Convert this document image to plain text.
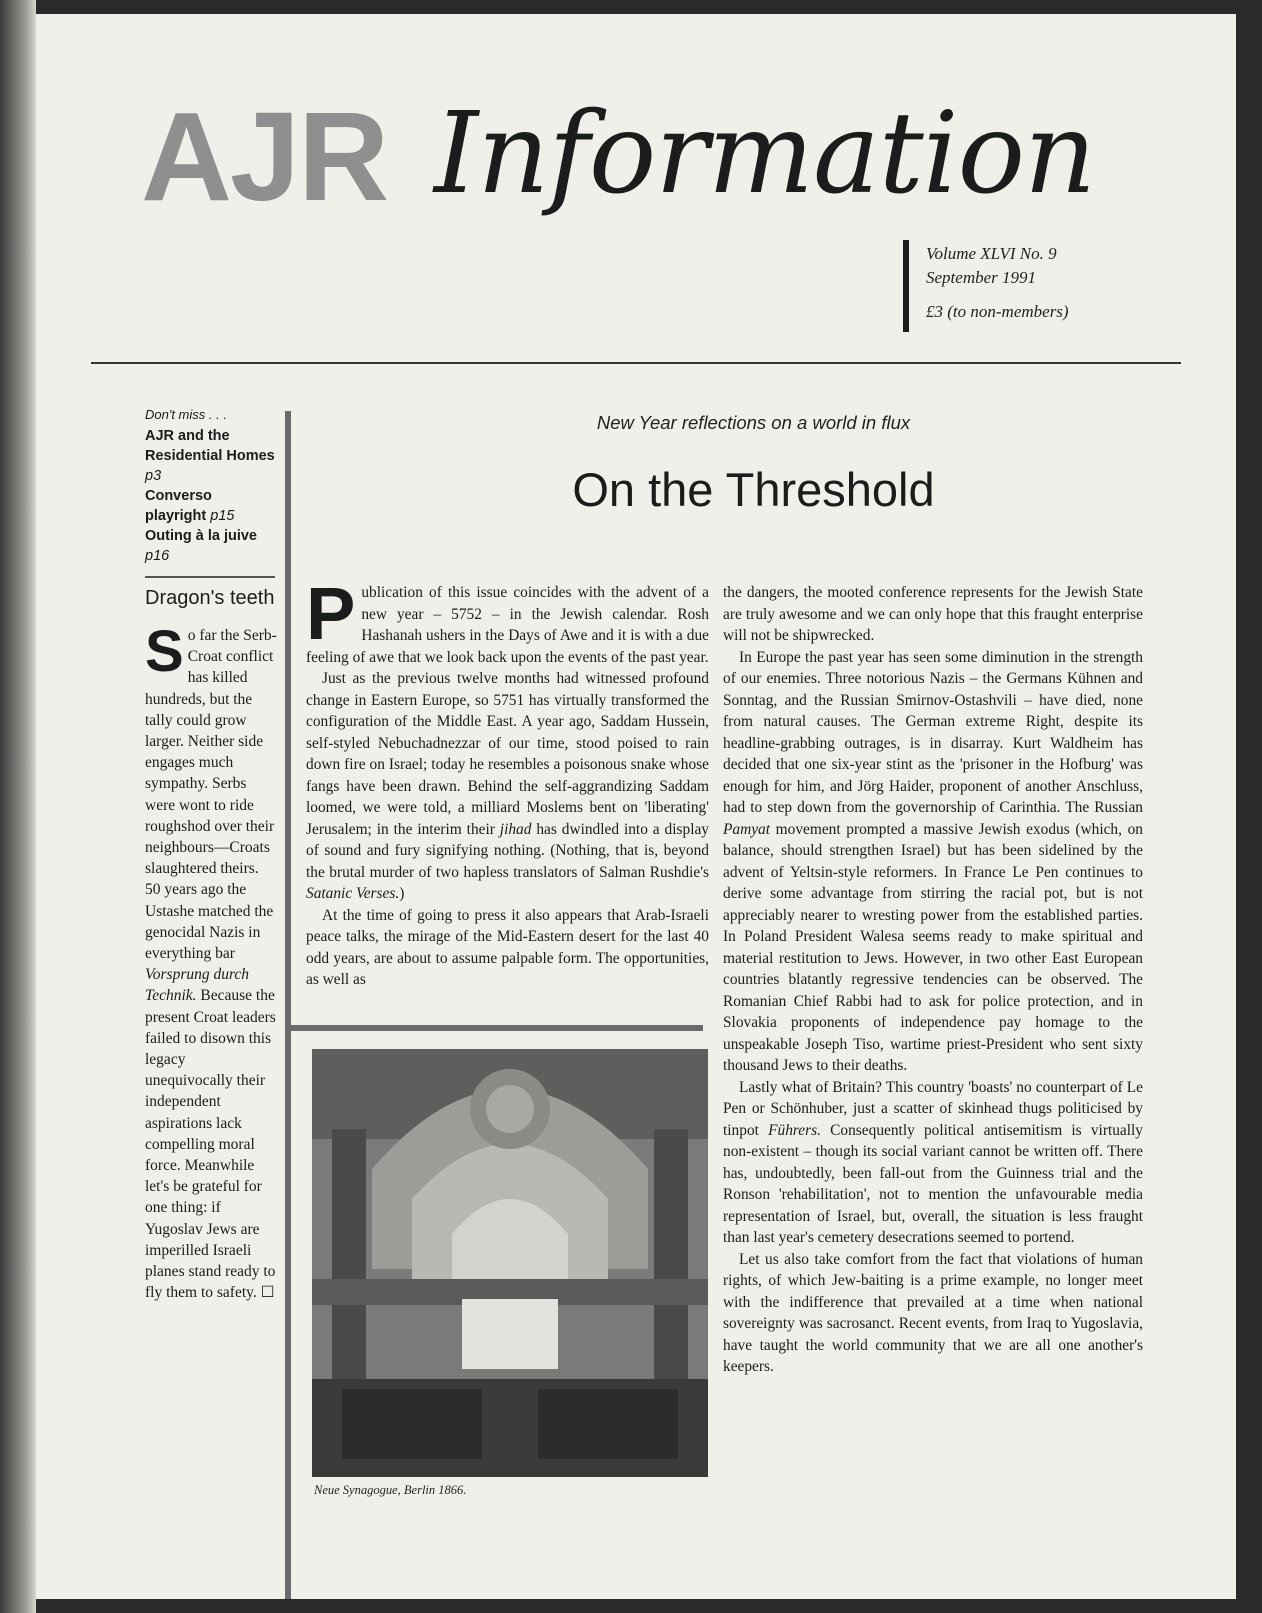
AJR Information
Volume XLVI No. 9
September 1991
£3 (to non-members)
Don't miss . . .
AJR and the Residential Homes p3
Converso playright p15
Outing à la juive p16
Dragon's teeth
So far the Serb-Croat conflict has killed hundreds, but the tally could grow larger. Neither side engages much sympathy. Serbs were wont to ride roughshod over their neighbours—Croats slaughtered theirs. 50 years ago the Ustashe matched the genocidal Nazis in everything bar Vorsprung durch Technik. Because the present Croat leaders failed to disown this legacy unequivocally their independent aspirations lack compelling moral force. Meanwhile let's be grateful for one thing: if Yugoslav Jews are imperilled Israeli planes stand ready to fly them to safety. ☐
New Year reflections on a world in flux
On the Threshold

Publication of this issue coincides with the advent of a new year – 5752 – in the Jewish calendar. Rosh Hashanah ushers in the Days of Awe and it is with a due feeling of awe that we look back upon the events of the past year.

Just as the previous twelve months had witnessed profound change in Eastern Europe, so 5751 has virtually transformed the configuration of the Middle East. A year ago, Saddam Hussein, self-styled Nebuchadnezzar of our time, stood poised to rain down fire on Israel; today he resembles a poisonous snake whose fangs have been drawn. Behind the self-aggrandizing Saddam loomed, we were told, a milliard Moslems bent on 'liberating' Jerusalem; in the interim their jihad has dwindled into a display of sound and fury signifying nothing. (Nothing, that is, beyond the brutal murder of two hapless translators of Salman Rushdie's Satanic Verses.)

At the time of going to press it also appears that Arab-Israeli peace talks, the mirage of the Mid-Eastern desert for the last 40 odd years, are about to assume palpable form. The opportunities, as well as

the dangers, the mooted conference represents for the Jewish State are truly awesome and we can only hope that this fraught enterprise will not be shipwrecked.

In Europe the past year has seen some diminution in the strength of our enemies. Three notorious Nazis – the Germans Kühnen and Sonntag, and the Russian Smirnov-Ostashvili – have died, none from natural causes. The German extreme Right, despite its headline-grabbing outrages, is in disarray. Kurt Waldheim has decided that one six-year stint as the 'prisoner in the Hofburg' was enough for him, and Jörg Haider, proponent of another Anschluss, had to step down from the governorship of Carinthia. The Russian Pamyat movement prompted a massive Jewish exodus (which, on balance, should strengthen Israel) but has been sidelined by the advent of Yeltsin-style reformers. In France Le Pen continues to derive some advantage from stirring the racial pot, but is not appreciably nearer to wresting power from the established parties. In Poland President Walesa seems ready to make spiritual and material restitution to Jews. However, in two other East European countries blatantly regressive tendencies can be observed. The Romanian Chief Rabbi had to ask for police protection, and in Slovakia proponents of independence pay homage to the unspeakable Joseph Tiso, wartime priest-President who sent sixty thousand Jews to their deaths.

Lastly what of Britain? This country 'boasts' no counterpart of Le Pen or Schönhuber, just a scatter of skinhead thugs politicised by tinpot Führers. Consequently political antisemitism is virtually non-existent – though its social variant cannot be written off. There has, undoubtedly, been fall-out from the Guinness trial and the Ronson 'rehabilitation', not to mention the unfavourable media representation of Israel, but, overall, the situation is less fraught than last year's cemetery desecrations seemed to portend.

Let us also take comfort from the fact that violations of human rights, of which Jew-baiting is a prime example, no longer meet with the indifference that prevailed at a time when national sovereignty was sacrosanct. Recent events, from Iraq to Yugoslavia, have taught the world community that we are all one another's keepers.

Neue Synagogue, Berlin 1866.
